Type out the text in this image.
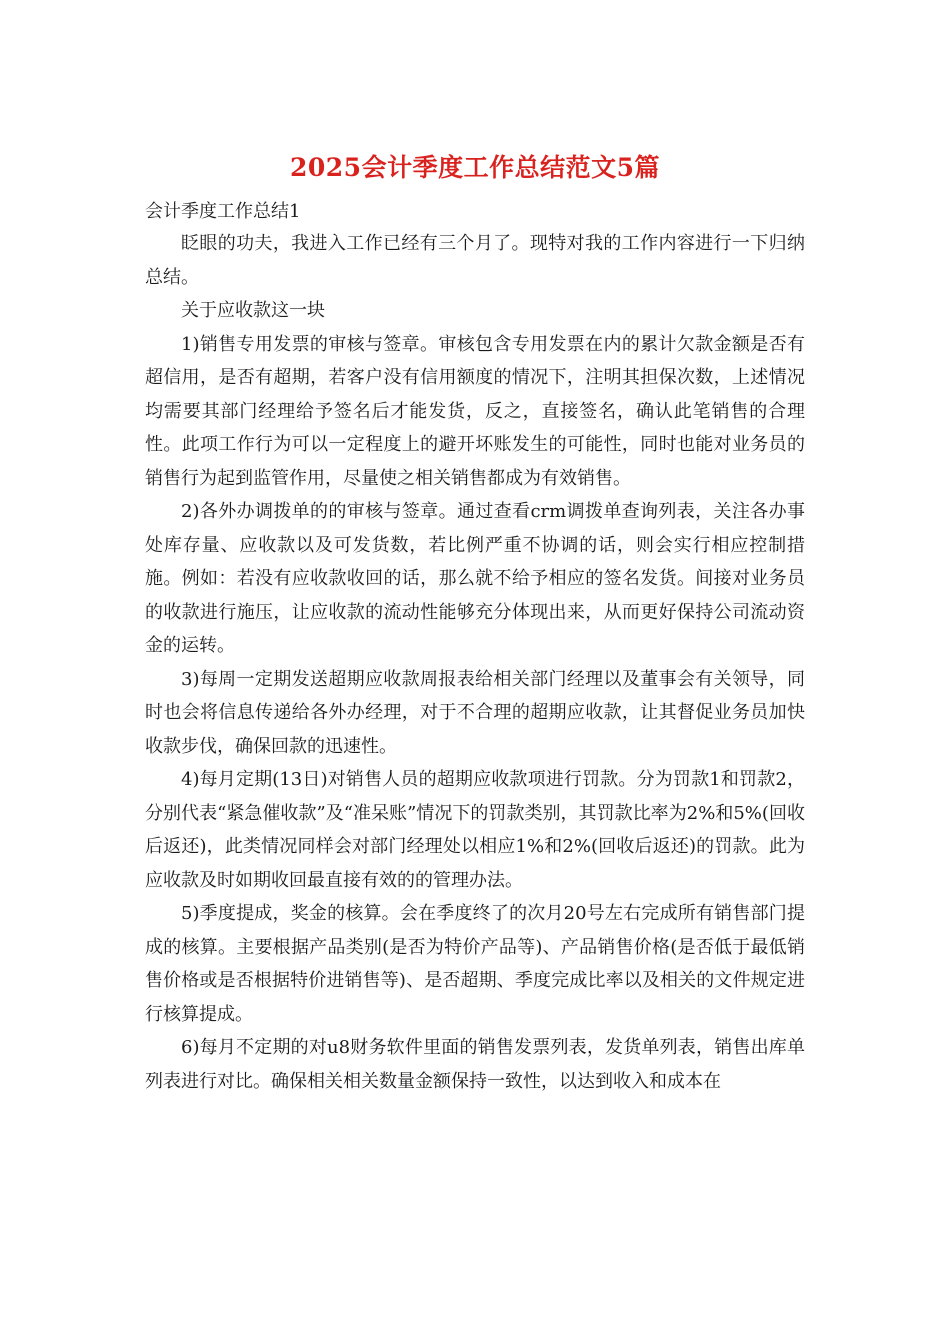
2025会计季度工作总结范文5篇
会计季度工作总结1

眨眼的功夫，我进入工作已经有三个月了。现特对我的工作内容进行一下归纳总结。

关于应收款这一块

1)销售专用发票的审核与签章。审核包含专用发票在内的累计欠款金额是否有超信用，是否有超期，若客户没有信用额度的情况下，注明其担保次数，上述情况均需要其部门经理给予签名后才能发货，反之，直接签名，确认此笔销售的合理性。此项工作行为可以一定程度上的避开坏账发生的可能性，同时也能对业务员的销售行为起到监管作用，尽量使之相关销售都成为有效销售。

2)各外办调拨单的的审核与签章。通过查看crm调拨单查询列表，关注各办事处库存量、应收款以及可发货数，若比例严重不协调的话，则会实行相应控制措施。例如：若没有应收款收回的话，那么就不给予相应的签名发货。间接对业务员的收款进行施压，让应收款的流动性能够充分体现出来，从而更好保持公司流动资金的运转。

3)每周一定期发送超期应收款周报表给相关部门经理以及董事会有关领导，同时也会将信息传递给各外办经理，对于不合理的超期应收款，让其督促业务员加快收款步伐，确保回款的迅速性。

4)每月定期(13日)对销售人员的超期应收款项进行罚款。分为罚款1和罚款2，分别代表“紧急催收款”及“准呆账”情况下的罚款类别，其罚款比率为2%和5%(回收后返还)，此类情况同样会对部门经理处以相应1%和2%(回收后返还)的罚款。此为应收款及时如期收回最直接有效的的管理办法。

5)季度提成，奖金的核算。会在季度终了的次月20号左右完成所有销售部门提成的核算。主要根据产品类别(是否为特价产品等)、产品销售价格(是否低于最低销售价格或是否根据特价进销售等)、是否超期、季度完成比率以及相关的文件规定进行核算提成。

6)每月不定期的对u8财务软件里面的销售发票列表，发货单列表，销售出库单列表进行对比。确保相关相关数量金额保持一致性，以达到收入和成本在
